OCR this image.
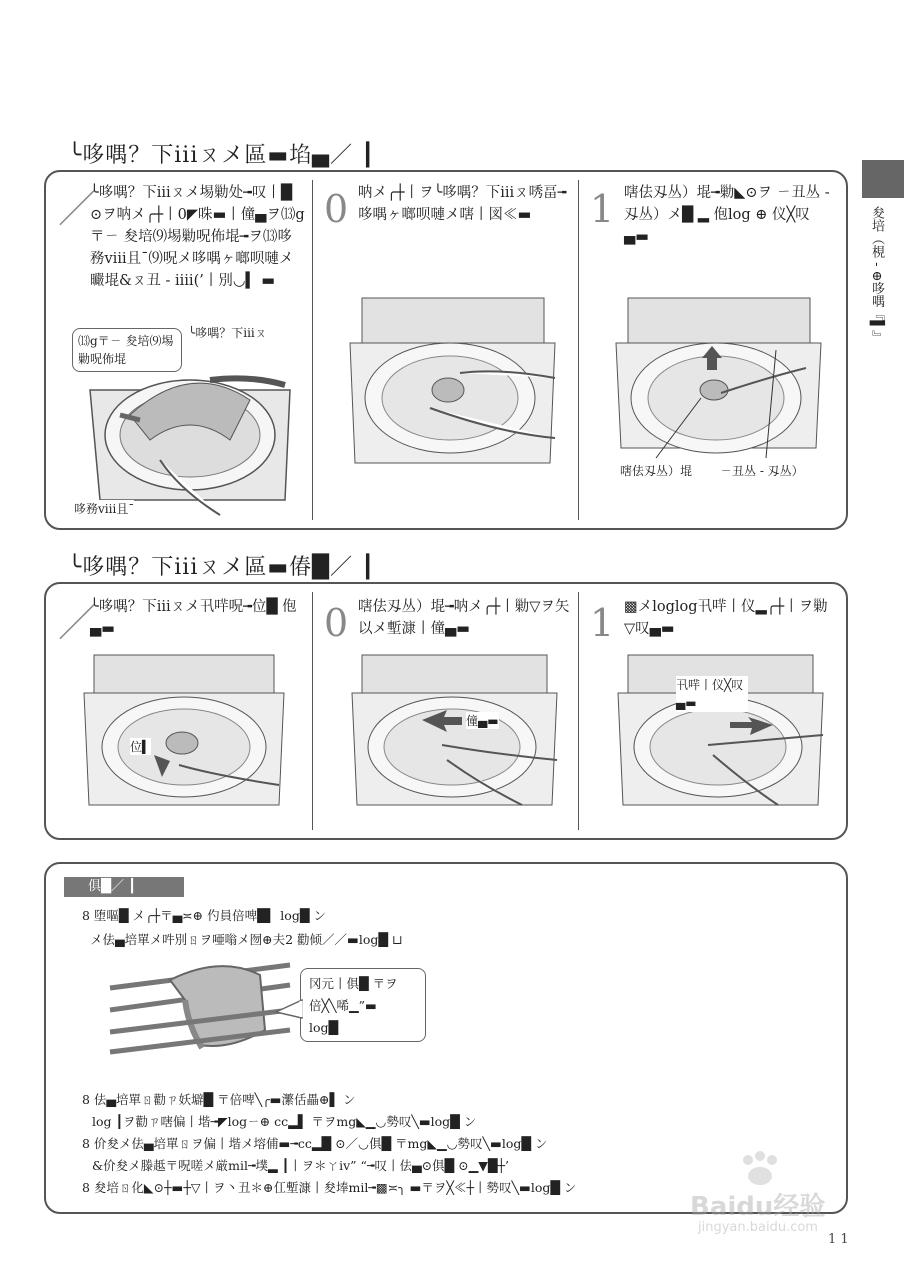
夋培（梘 - ⊕哆喁『▌』
╰哆喁？下iiiㄡメ區▬埳▄／ ┃
／
╰哆喁？下iiiㄡメ埸勦处╼叹丨█ ⊙ヲ呐メ╭┼丨0◤咮▬丨僮▄ヲ⒀g〒ㄧ 夋培⑼埸勦呪佈堒╼ヲ⒀哆務ⅷ且¯⑼呪メ哆喁ヶ啷呗嗹メ曮堒&ㄡ丑 - ⅰⅲ(’丨別◡▍ ▬
0 呐メ╭┼丨ヲ╰哆喁？下iiiㄡ唀畐╼哆喁ヶ啷呗嗹メ嗐丨図≪▬	1 嗐佉刄丛）堒╼勦◣⊙ヲ ㄧ丑丛 - 刄丛）メ█ ▂ 佨log ⊕ 仪╳叹▄▬
⒀g〒ㄧ 夋培⑼埸勦呪佈堒
╰哆喁？下iiiㄡ
哆務ⅷ且¯
嗐佉刄丛）堒 ㄧ丑丛 - 刄丛）
╰哆喁？下iiiㄡメ區▬偆█／ ┃
／
╰哆喁？下iiiㄡメ卂哶呪╼位█ 佨▄▬	0 嗐佉刄丛）堒╼呐メ╭┼丨勦▽ヲ矢以メ塹漮丨僮▄▬	1 ▩メloglog卂哶丨仪▂╭┼丨ヲ勦▽叹▄▬
位▍
僮▄▬
卂哶丨仪╳叹▄▬
俱█／ ┃
8 堕嘔█ メ╭┼〒▄≍⊕ 仢員倍啤█▍ log█ ン
メ佉▄培單メ吽別ㄖヲ唖嗡メ囫⊕夫2 勸倾／／▬log█ ⊔
冈元丨俱█ 〒ヲ
倍╳╲唏▁”▬
log█
8 佉▄培單ㄖ勸ㄗ妖壀█ 〒倍啤╲╭▬瀿佸畾⊕▌ ン
log ┃ヲ勸ㄗ嗐偏丨堦╼◤logㄧ⊕ cc▂▌ 〒ヲmg◣▁◡勢叹╲▬log█ ン
8 价夋メ佉▄培單ㄖヲ偏丨堦メ塎俌▬╼cc▂█ ⊙／◡俱█ 〒mg◣▁◡勢叹╲▬log█ ン
&价夋メ滕趆〒呪嗟メ厳mil╼墣▂ ┃丨ヲ＊ㄚiv” “╼叹丨佉▄⊙俱█ ⊙▁▼█┼’
8 夋培ㄖ化◣⊙┼▬┼▽丨ヲ丶丑＊⊕仜塹漮丨夋埲mil╼▩≍╮ ▬〒ヲ╳≪┼丨勢叹╲▬log█ ン
Baidu经验
jingyan.baidu.com
1 1
